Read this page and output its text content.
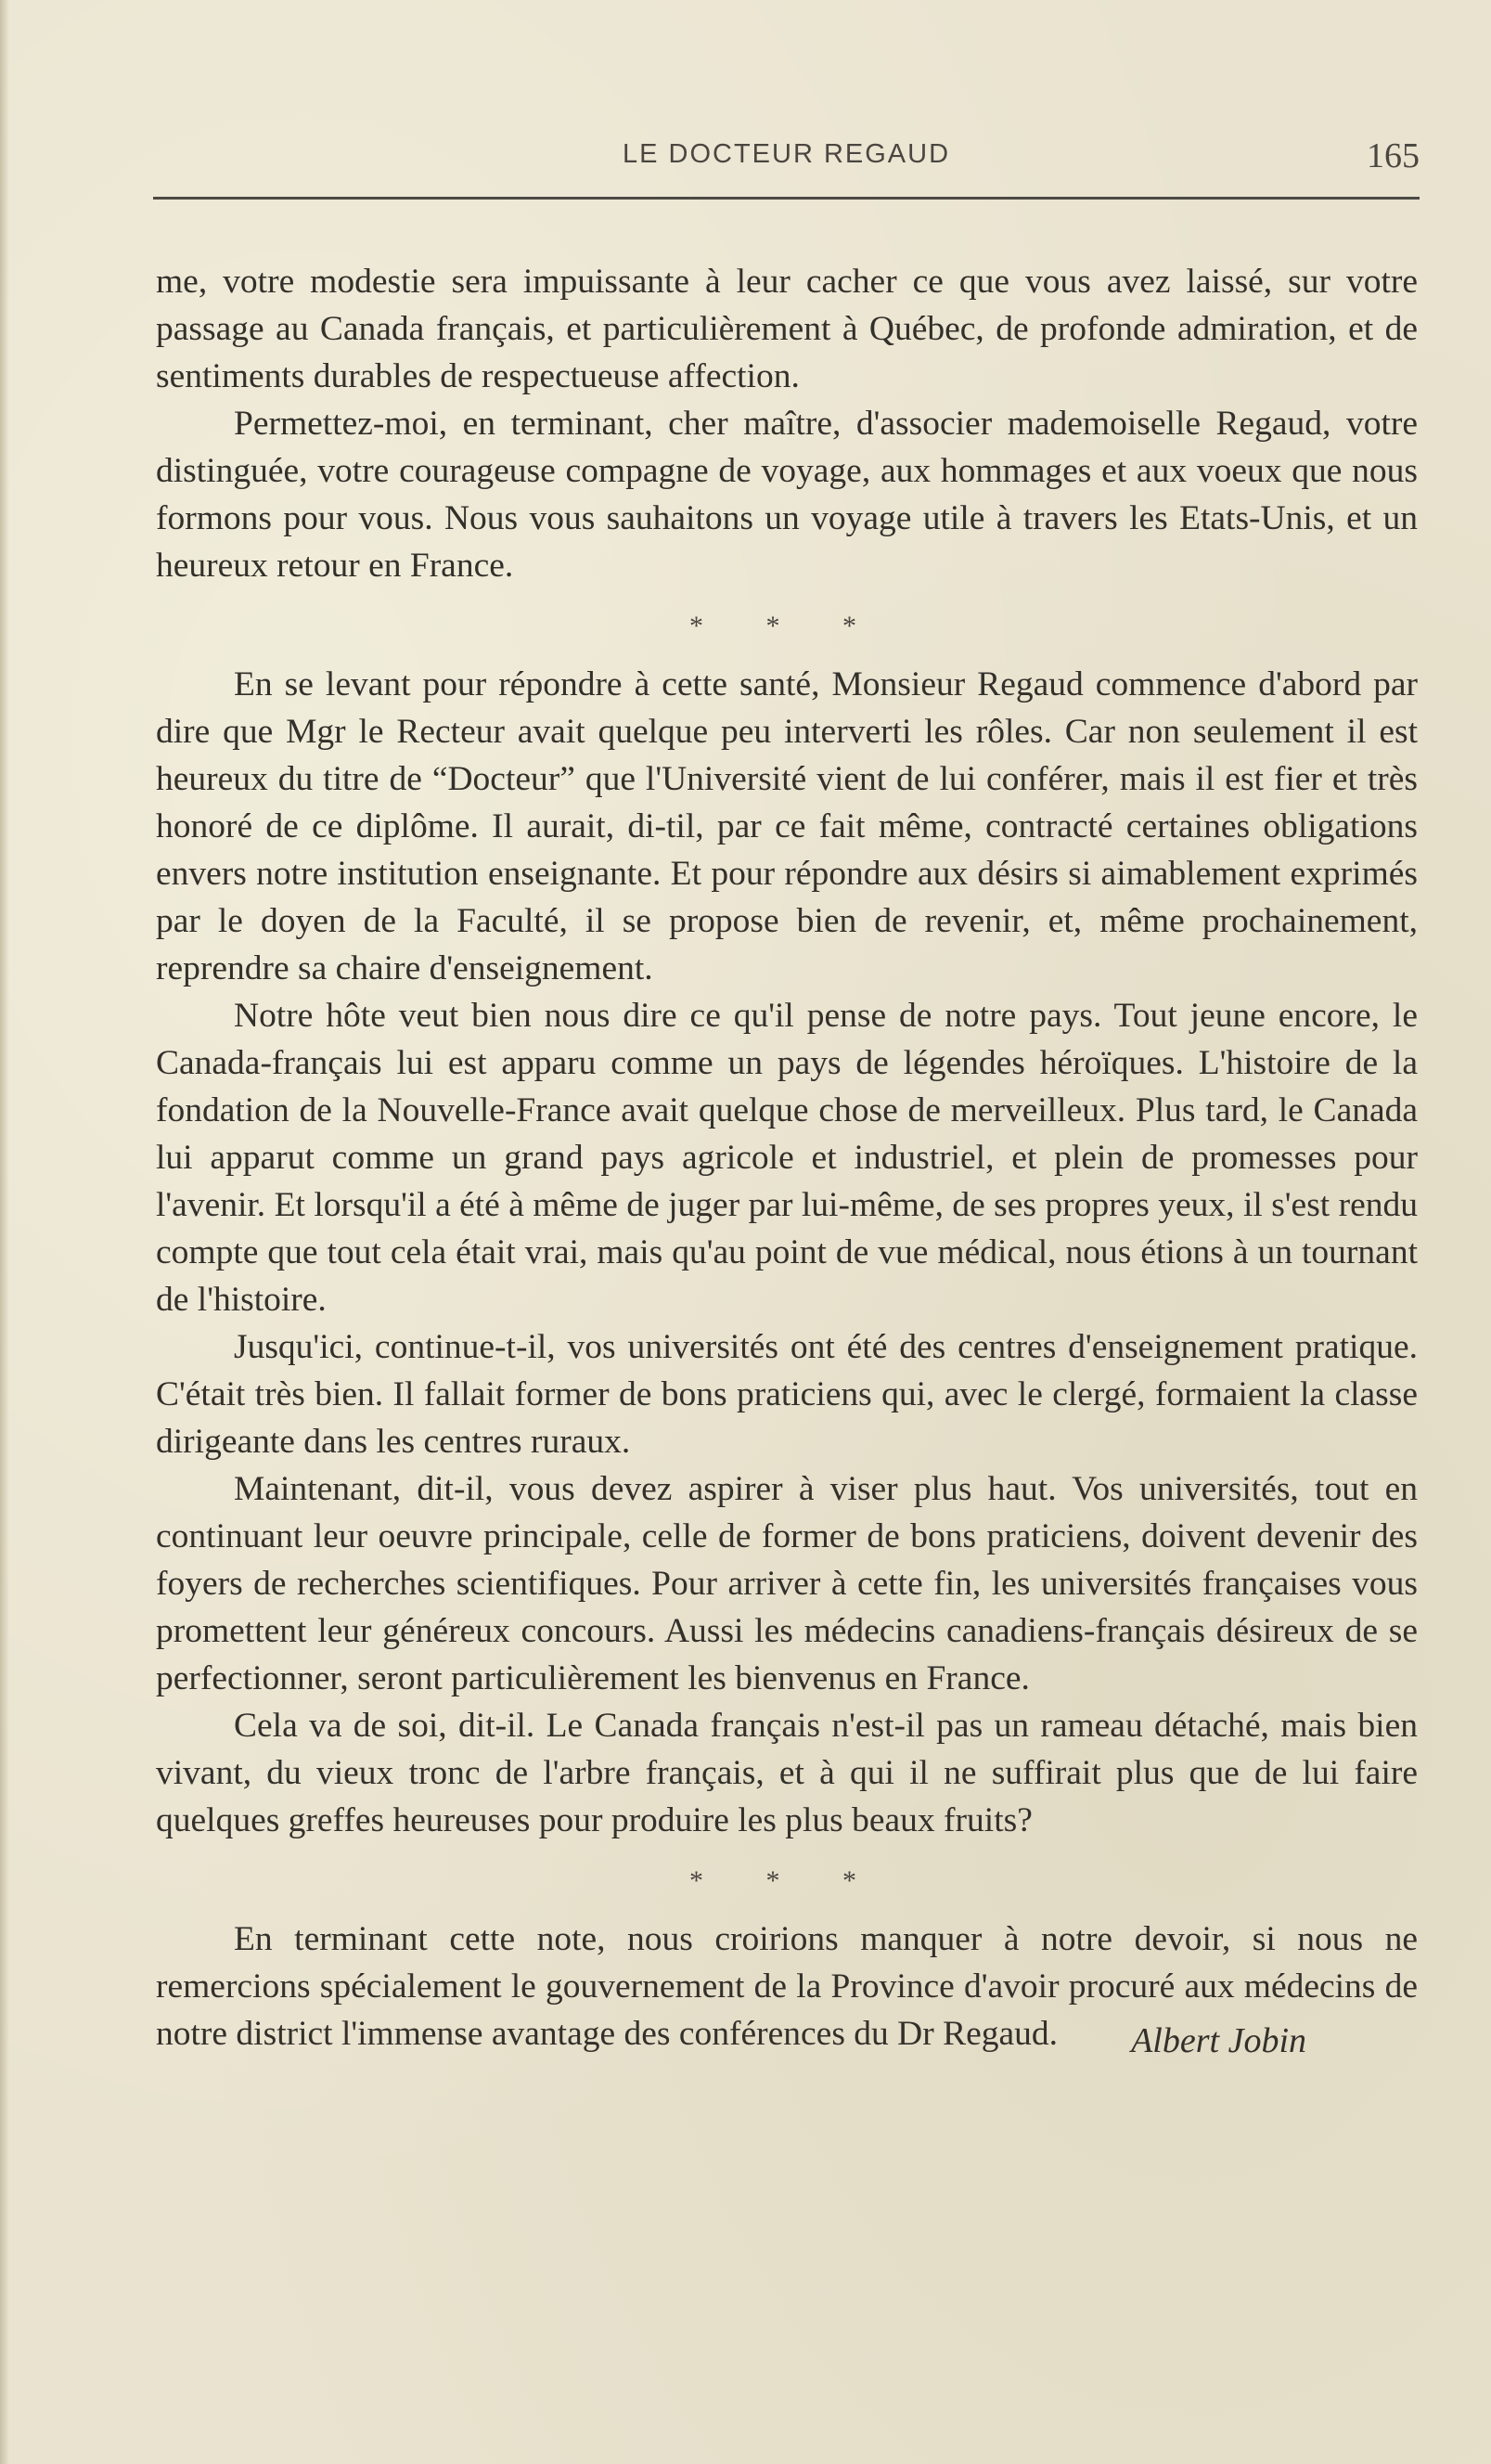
LE DOCTEUR REGAUD	165

me, votre modestie sera impuissante à leur cacher ce que vous avez laissé, sur votre passage au Canada français, et particulièrement à Québec, de profonde admiration, et de sentiments durables de respectueuse affection.

Permettez-moi, en terminant, cher maître, d'associer mademoiselle Regaud, votre distinguée, votre courageuse compagne de voyage, aux hommages et aux voeux que nous formons pour vous. Nous vous sauhaitons un voyage utile à travers les Etats-Unis, et un heureux retour en France.

* * *

En se levant pour répondre à cette santé, Monsieur Regaud commence d'abord par dire que Mgr le Recteur avait quelque peu interverti les rôles. Car non seulement il est heureux du titre de “Docteur” que l'Université vient de lui conférer, mais il est fier et très honoré de ce diplôme. Il aurait, di-til, par ce fait même, contracté certaines obligations envers notre institution enseignante. Et pour répondre aux désirs si aimablement exprimés par le doyen de la Faculté, il se propose bien de revenir, et, même prochainement, reprendre sa chaire d'enseignement.

Notre hôte veut bien nous dire ce qu'il pense de notre pays. Tout jeune encore, le Canada-français lui est apparu comme un pays de légendes héroïques. L'histoire de la fondation de la Nouvelle-France avait quelque chose de merveilleux. Plus tard, le Canada lui apparut comme un grand pays agricole et industriel, et plein de promesses pour l'avenir. Et lorsqu'il a été à même de juger par lui-même, de ses propres yeux, il s'est rendu compte que tout cela était vrai, mais qu'au point de vue médical, nous étions à un tournant de l'histoire.

Jusqu'ici, continue-t-il, vos universités ont été des centres d'enseignement pratique. C'était très bien. Il fallait former de bons praticiens qui, avec le clergé, formaient la classe dirigeante dans les centres ruraux.

Maintenant, dit-il, vous devez aspirer à viser plus haut. Vos universités, tout en continuant leur oeuvre principale, celle de former de bons praticiens, doivent devenir des foyers de recherches scientifiques. Pour arriver à cette fin, les universités françaises vous promettent leur généreux concours. Aussi les médecins canadiens-français désireux de se perfectionner, seront particulièrement les bienvenus en France.

Cela va de soi, dit-il. Le Canada français n'est-il pas un rameau détaché, mais bien vivant, du vieux tronc de l'arbre français, et à qui il ne suffirait plus que de lui faire quelques greffes heureuses pour produire les plus beaux fruits?

* * *

En terminant cette note, nous croirions manquer à notre devoir, si nous ne remercions spécialement le gouvernement de la Province d'avoir procuré aux médecins de notre district l'immense avantage des conférences du Dr Regaud.	Albert Jobin
